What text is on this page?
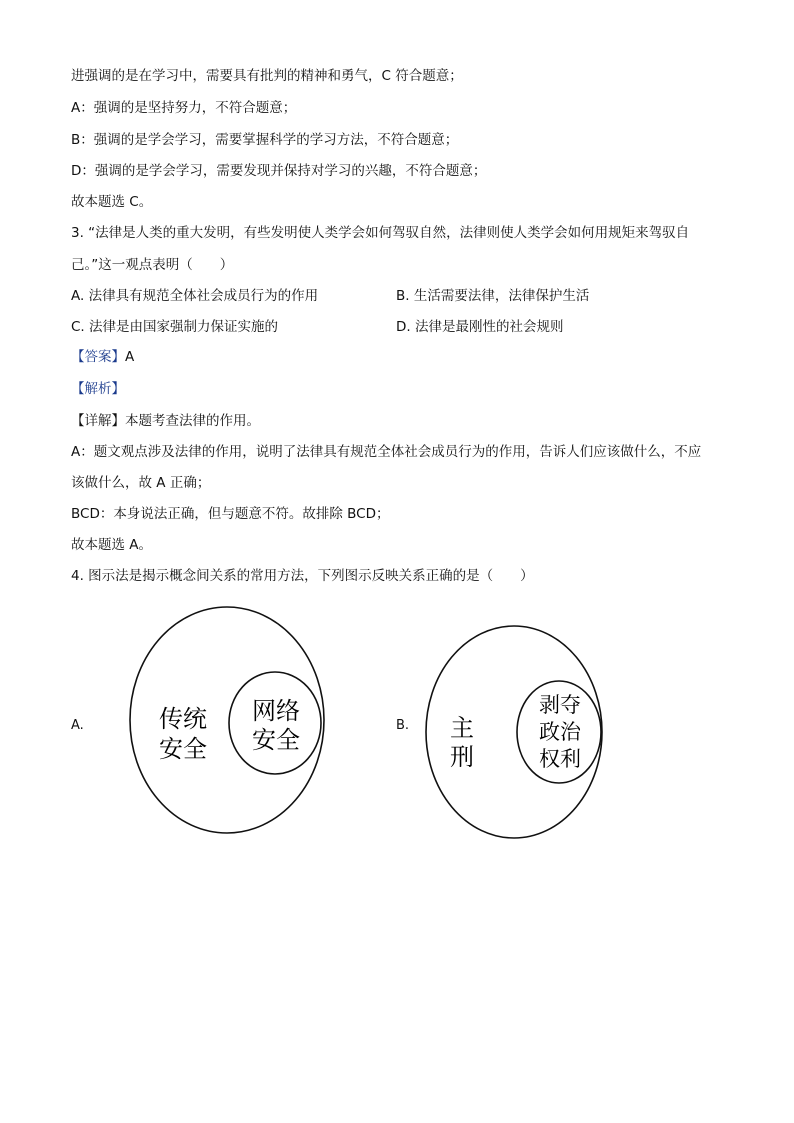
进强调的是在学习中，需要具有批判的精神和勇气，C 符合题意；
A：强调的是坚持努力，不符合题意；
B：强调的是学会学习，需要掌握科学的学习方法，不符合题意；
D：强调的是学会学习，需要发现并保持对学习的兴趣，不符合题意；
故本题选 C。
3. “法律是人类的重大发明，有些发明使人类学会如何驾驭自然，法律则使人类学会如何用规矩来驾驭自
己。”这一观点表明（　　）
A. 法律具有规范全体社会成员行为的作用	B. 生活需要法律，法律保护生活
C. 法律是由国家强制力保证实施的	D. 法律是最刚性的社会规则
【答案】A
【解析】
【详解】本题考查法律的作用。
A：题文观点涉及法律的作用，说明了法律具有规范全体社会成员行为的作用，告诉人们应该做什么，不应
该做什么，故 A 正确；
BCD：本身说法正确，但与题意不符。故排除 BCD；
故本题选 A。
4. 图示法是揭示概念间关系的常用方法，下列图示反映关系正确的是（　　）
A.	传统
安全
网络
安全
B. 主
刑
剥夺
政治
权利
